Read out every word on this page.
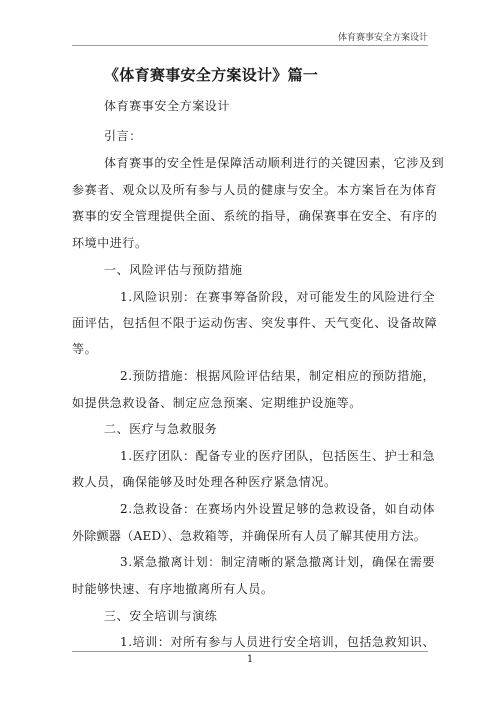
体育赛事安全方案设计
《体育赛事安全方案设计》篇一
体育赛事安全方案设计
引言：
体育赛事的安全性是保障活动顺利进行的关键因素，它涉及到
参赛者、观众以及所有参与人员的健康与安全。本方案旨在为体育
赛事的安全管理提供全面、系统的指导，确保赛事在安全、有序的
环境中进行。
一、风险评估与预防措施
1.风险识别：在赛事筹备阶段，对可能发生的风险进行全
面评估，包括但不限于运动伤害、突发事件、天气变化、设备故障
等。
2.预防措施：根据风险评估结果，制定相应的预防措施，
如提供急救设备、制定应急预案、定期维护设施等。
二、医疗与急救服务
1.医疗团队：配备专业的医疗团队，包括医生、护士和急
救人员，确保能够及时处理各种医疗紧急情况。
2.急救设备：在赛场内外设置足够的急救设备，如自动体
外除颤器（AED）、急救箱等，并确保所有人员了解其使用方法。
3.紧急撤离计划：制定清晰的紧急撤离计划，确保在需要
时能够快速、有序地撤离所有人员。
三、安全培训与演练
1.培训：对所有参与人员进行安全培训，包括急救知识、
1
